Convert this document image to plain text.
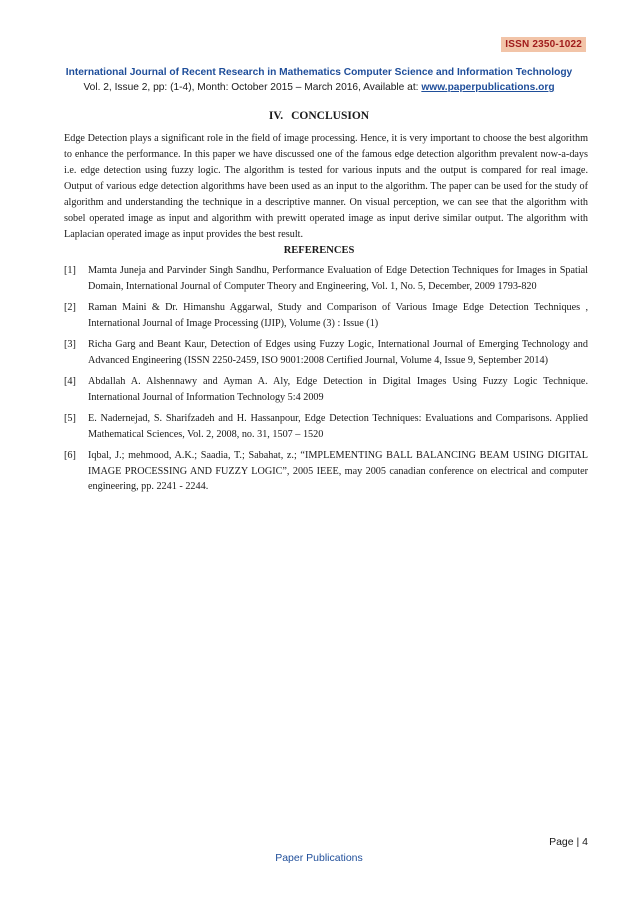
ISSN 2350-1022
International Journal of Recent Research in Mathematics Computer Science and Information Technology
Vol. 2, Issue 2, pp: (1-4), Month: October 2015 – March 2016, Available at: www.paperpublications.org
IV. CONCLUSION

Edge Detection plays a significant role in the field of image processing. Hence, it is very important to choose the best algorithm to enhance the performance. In this paper we have discussed one of the famous edge detection algorithm prevalent now-a-days i.e. edge detection using fuzzy logic. The algorithm is tested for various inputs and the output is compared for real image. Output of various edge detection algorithms have been used as an input to the algorithm. The paper can be used for the study of algorithm and understanding the technique in a descriptive manner. On visual perception, we can see that the algorithm with sobel operated image as input and algorithm with prewitt operated image as input derive similar output. The algorithm with Laplacian operated image as input provides the best result.

REFERENCES
[1] Mamta Juneja and Parvinder Singh Sandhu, Performance Evaluation of Edge Detection Techniques for Images in Spatial Domain, International Journal of Computer Theory and Engineering, Vol. 1, No. 5, December, 2009 1793-820
[2] Raman Maini & Dr. Himanshu Aggarwal, Study and Comparison of Various Image Edge Detection Techniques , International Journal of Image Processing (IJIP), Volume (3) : Issue (1)
[3] Richa Garg and Beant Kaur, Detection of Edges using Fuzzy Logic, International Journal of Emerging Technology and Advanced Engineering (ISSN 2250-2459, ISO 9001:2008 Certified Journal, Volume 4, Issue 9, September 2014)
[4] Abdallah A. Alshennawy and Ayman A. Aly, Edge Detection in Digital Images Using Fuzzy Logic Technique. International Journal of Information Technology 5:4 2009
[5] E. Nadernejad, S. Sharifzadeh and H. Hassanpour, Edge Detection Techniques: Evaluations and Comparisons. Applied Mathematical Sciences, Vol. 2, 2008, no. 31, 1507 – 1520
[6] Iqbal, J.; mehmood, A.K.; Saadia, T.; Sabahat, z.; “IMPLEMENTING BALL BALANCING BEAM USING DIGITAL IMAGE PROCESSING AND FUZZY LOGIC”, 2005 IEEE, may 2005 canadian conference on electrical and computer engineering, pp. 2241 - 2244.
Page | 4
Paper Publications
